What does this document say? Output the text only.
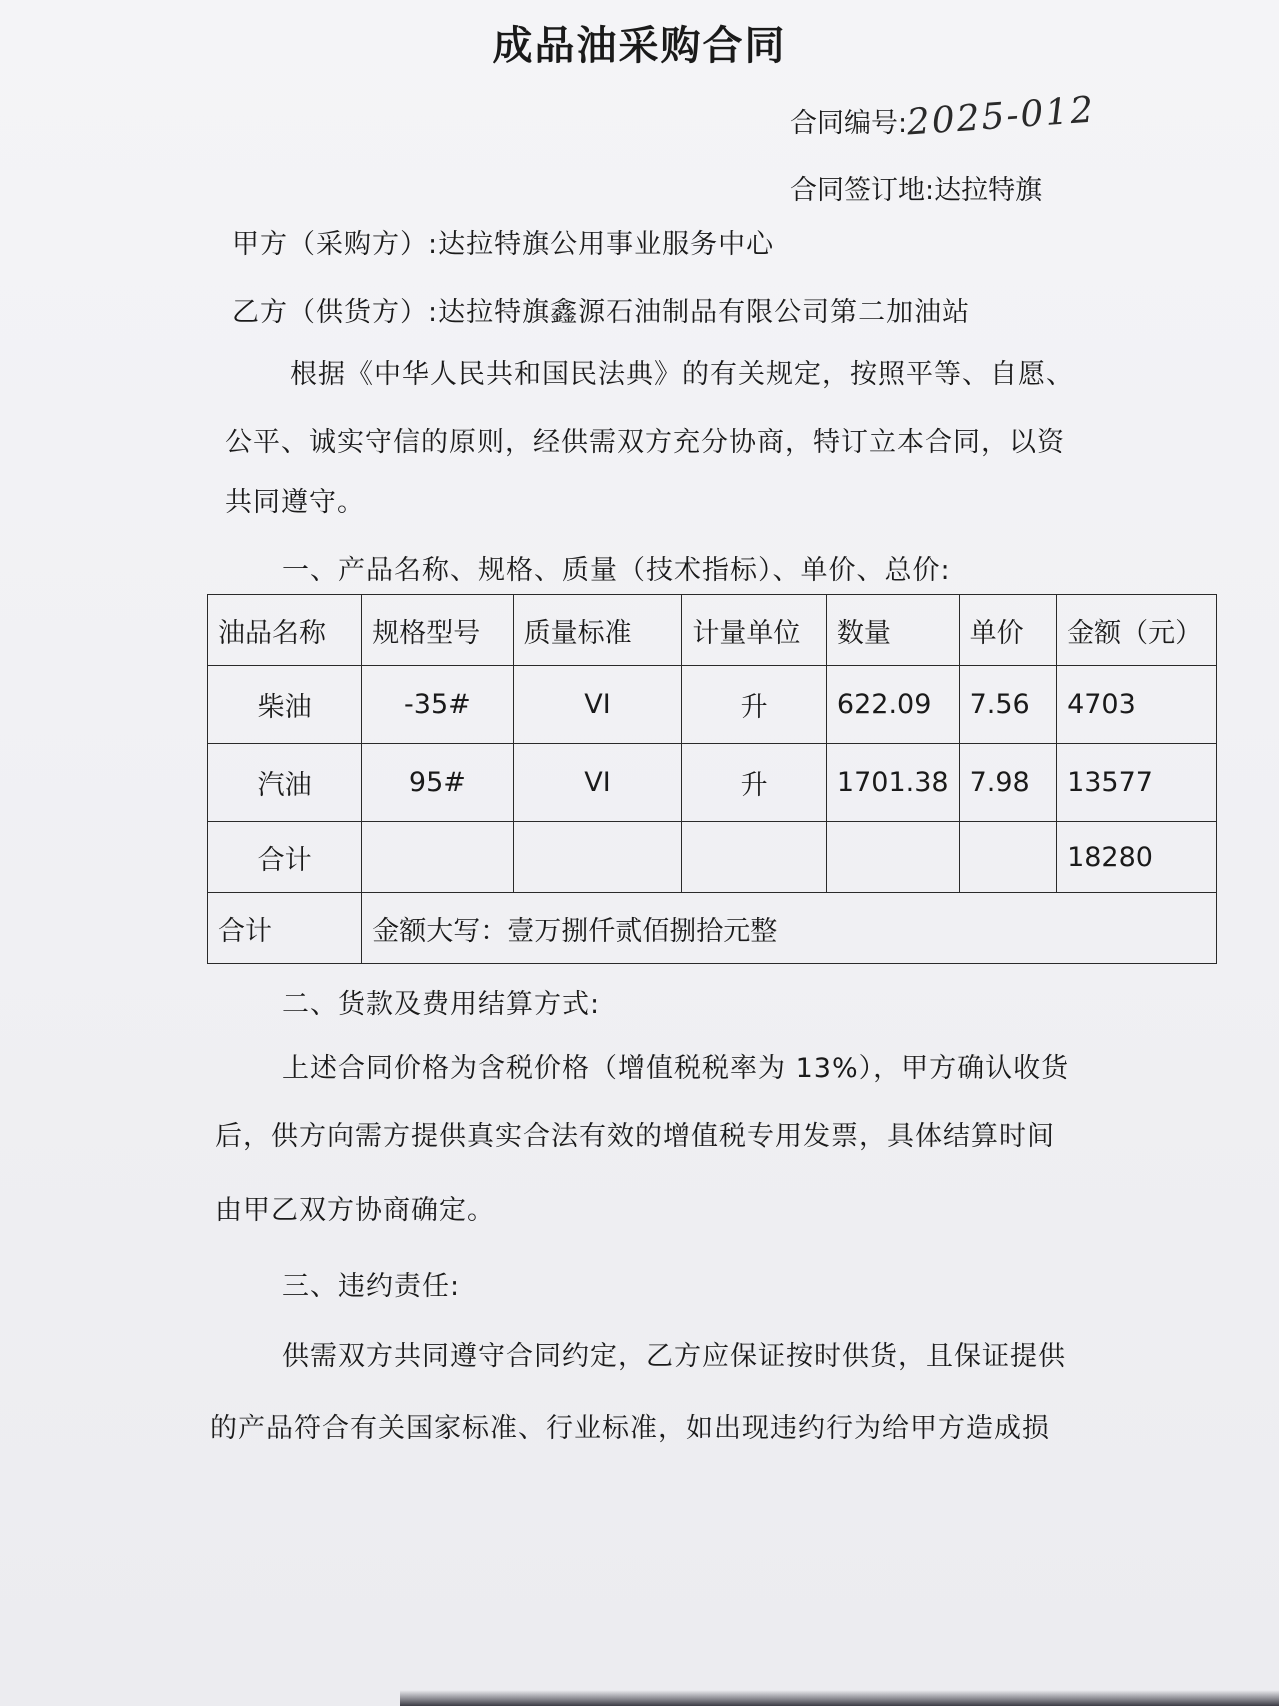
成品油采购合同
合同编号:2025-012
合同签订地:达拉特旗
甲方（采购方）:达拉特旗公用事业服务中心
乙方（供货方）:达拉特旗鑫源石油制品有限公司第二加油站
根据《中华人民共和国民法典》的有关规定，按照平等、自愿、
公平、诚实守信的原则，经供需双方充分协商，特订立本合同，以资
共同遵守。
一、产品名称、规格、质量（技术指标）、单价、总价:
油品名称	规格型号	质量标准	计量单位	数量	单价	金额（元）
柴油	-35#	VI	升	622.09	7.56	4703
汽油	95#	VI	升	1701.38	7.98	13577
合计						18280
合计	金额大写：壹万捌仟贰佰捌拾元整					
二、货款及费用结算方式:
上述合同价格为含税价格（增值税税率为 13%），甲方确认收货
后，供方向需方提供真实合法有效的增值税专用发票，具体结算时间
由甲乙双方协商确定。
三、违约责任:
供需双方共同遵守合同约定，乙方应保证按时供货，且保证提供
的产品符合有关国家标准、行业标准，如出现违约行为给甲方造成损
